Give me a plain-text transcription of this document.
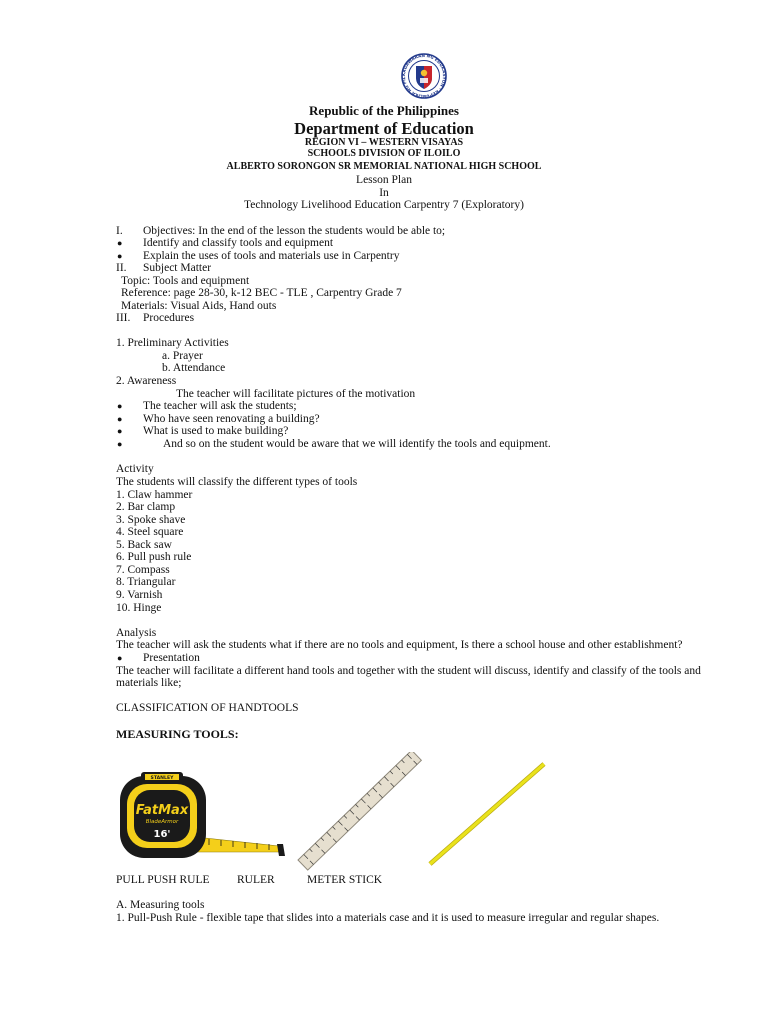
KAGAWARAN NG EDUKASYON · REPUBLIKA NG PIL
Republic of the Philippines
Department of Education
REGION VI – WESTERN VISAYAS
SCHOOLS DIVISION OF ILOILO
ALBERTO SORONGON SR MEMORIAL NATIONAL HIGH SCHOOL
Lesson Plan
In
Technology Livelihood Education Carpentry 7 (Exploratory)
I. Objectives: In the end of the lesson the students would be able to;
● Identify and classify tools and equipment
● Explain the uses of tools and materials use in Carpentry
II. Subject Matter
Topic: Tools and equipment
Reference: page 28-30, k-12 BEC - TLE , Carpentry Grade 7
Materials: Visual Aids, Hand outs
III. Procedures
1. Preliminary Activities
a. Prayer
b. Attendance
2. Awareness
The teacher will facilitate pictures of the motivation
● The teacher will ask the students;
● Who have seen renovating a building?
● What is used to make building?
●	And so on the student would be aware that we will identify the tools and equipment.
Activity
The students will classify the different types of tools
1. Claw hammer
2. Bar clamp
3. Spoke shave
4. Steel square
5. Back saw
6. Pull push rule
7. Compass
8. Triangular
9. Varnish
10. Hinge
Analysis
The teacher will ask the students what if there are no tools and equipment, Is there a school house and other establishment?
● Presentation
The teacher will facilitate a different hand tools and together with the student will discuss, identify and classify of the tools and
materials like;
CLASSIFICATION OF HANDTOOLS
MEASURING TOOLS:
STANLEY
FatMax
BladeArmor
16'
PULL PUSH RULE RULER	METER STICK
A. Measuring tools
1. Pull-Push Rule - flexible tape that slides into a materials case and it is used to measure irregular and regular shapes.
